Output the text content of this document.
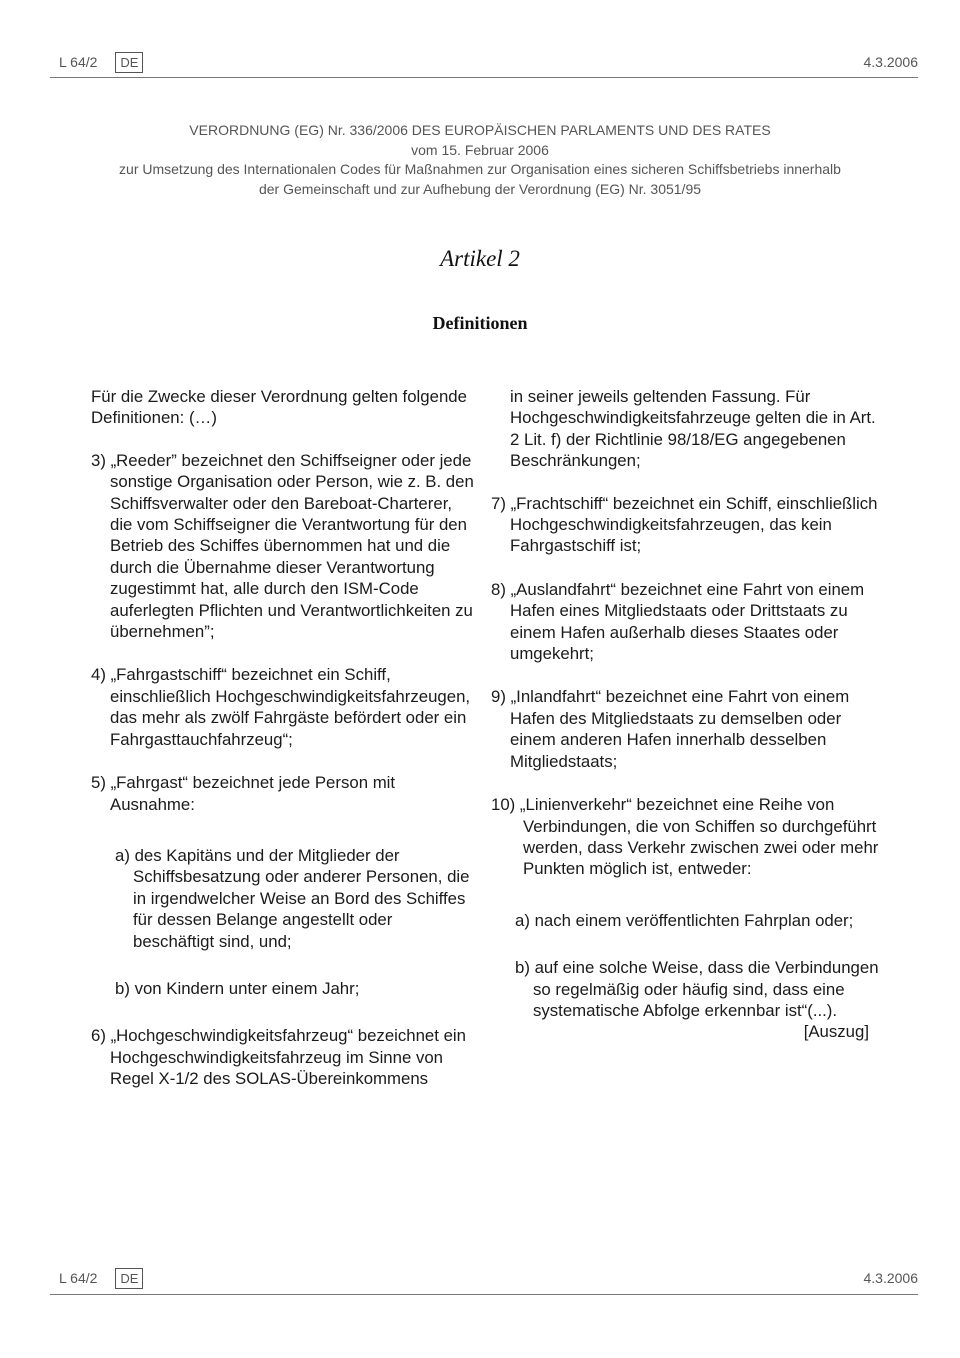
L 64/2	DE	4.3.2006
VERORDNUNG (EG) Nr. 336/2006 DES EUROPÄISCHEN PARLAMENTS UND DES RATES
vom 15. Februar 2006
zur Umsetzung des Internationalen Codes für Maßnahmen zur Organisation eines sicheren Schiffsbetriebs innerhalb
der Gemeinschaft und zur Aufhebung der Verordnung (EG) Nr. 3051/95
Artikel 2
Definitionen

Für die Zwecke dieser Verordnung gelten folgende Definitionen: (…)

3) „Reeder” bezeichnet den Schiffseigner oder jede sonstige Organisation oder Person, wie z. B. den Schiffsverwalter oder den Bareboat-Charterer, die vom Schiffseigner die Verantwortung für den Betrieb des Schiffes übernommen hat und die durch die Übernahme dieser Verantwortung zugestimmt hat, alle durch den ISM-Code auferlegten Pflichten und Verantwortlichkeiten zu übernehmen”;

4) „Fahrgastschiff“ bezeichnet ein Schiff, einschließlich Hochgeschwindigkeitsfahrzeugen, das mehr als zwölf Fahrgäste befördert oder ein Fahrgasttauchfahrzeug“;

5) „Fahrgast“ bezeichnet jede Person mit Ausnahme:

a) des Kapitäns und der Mitglieder der Schiffsbesatzung oder anderer Personen, die in irgendwelcher Weise an Bord des Schiffes für dessen Belange angestellt oder beschäftigt sind, und;

b) von Kindern unter einem Jahr;

6) „Hochgeschwindigkeitsfahrzeug“ bezeichnet ein Hochgeschwindigkeitsfahrzeug im Sinne von Regel X-1/2 des SOLAS-Übereinkommens

in seiner jeweils geltenden Fassung. Für Hochgeschwindigkeitsfahrzeuge gelten die in Art. 2 Lit. f) der Richtlinie 98/18/EG angegebenen Beschränkungen;

7) „Frachtschiff“ bezeichnet ein Schiff, einschließlich Hochgeschwindigkeitsfahrzeugen, das kein Fahrgastschiff ist;

8) „Auslandfahrt“ bezeichnet eine Fahrt von einem Hafen eines Mitgliedstaats oder Drittstaats zu einem Hafen außerhalb dieses Staates oder umgekehrt;

9) „Inlandfahrt“ bezeichnet eine Fahrt von einem Hafen des Mitgliedstaats zu demselben oder einem anderen Hafen innerhalb desselben Mitgliedstaats;

10) „Linienverkehr“ bezeichnet eine Reihe von Verbindungen, die von Schiffen so durchgeführt werden, dass Verkehr zwischen zwei oder mehr Punkten möglich ist, entweder:

a) nach einem veröffentlichten Fahrplan oder;

b) auf eine solche Weise, dass die Verbindungen so regelmäßig oder häufig sind, dass eine systematische Abfolge erkennbar ist“(...).

[Auszug]

L 64/2	DE	4.3.2006
